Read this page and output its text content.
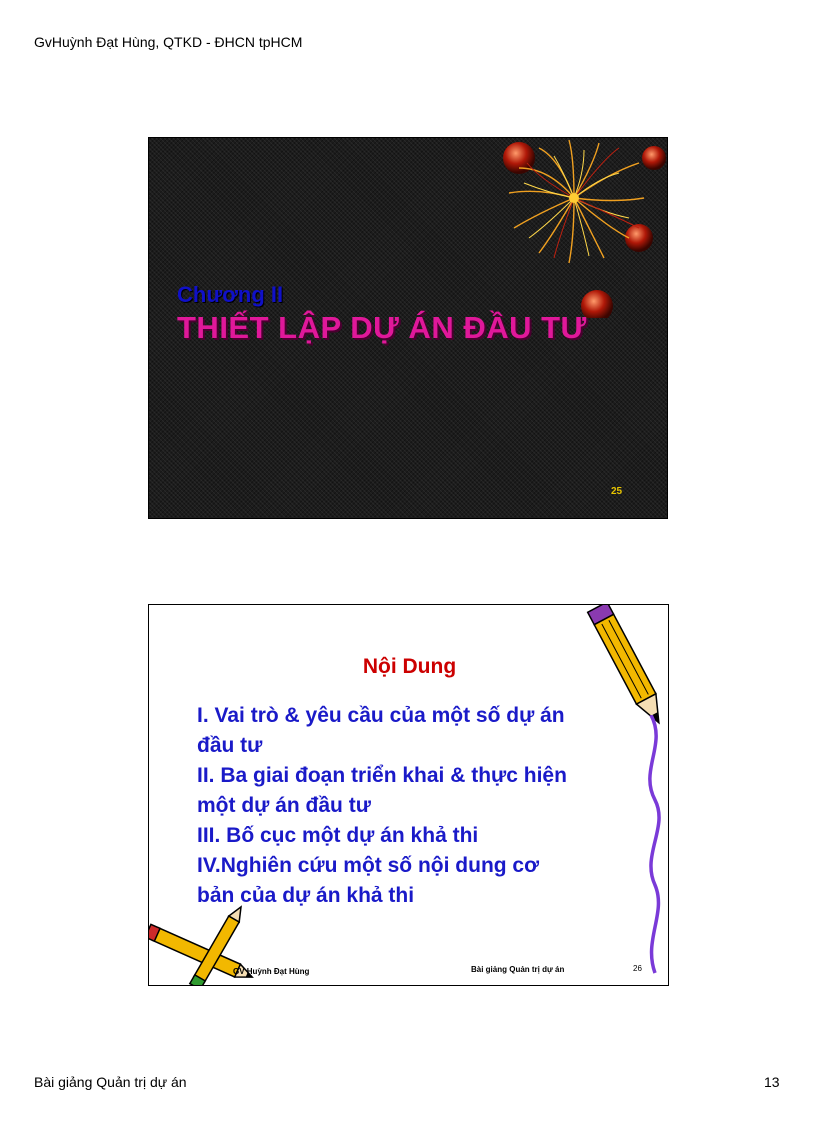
GvHuỳnh Đạt Hùng, QTKD - ĐHCN tpHCM
Chương II
THIẾT LẬP DỰ ÁN ĐẦU TƯ
25
Nội Dung
I. Vai trò & yêu cầu của một số dự án
đầu tư
II. Ba giai đoạn triển khai & thực hiện
một dự án đầu tư
III. Bố cục một dự án khả thi
IV.Nghiên cứu một số nội dung cơ
bản của dự án khả thi
GV Huỳnh Đạt Hùng	Bài giảng Quản trị dự án	26
Bài giảng Quản trị dự án	13
